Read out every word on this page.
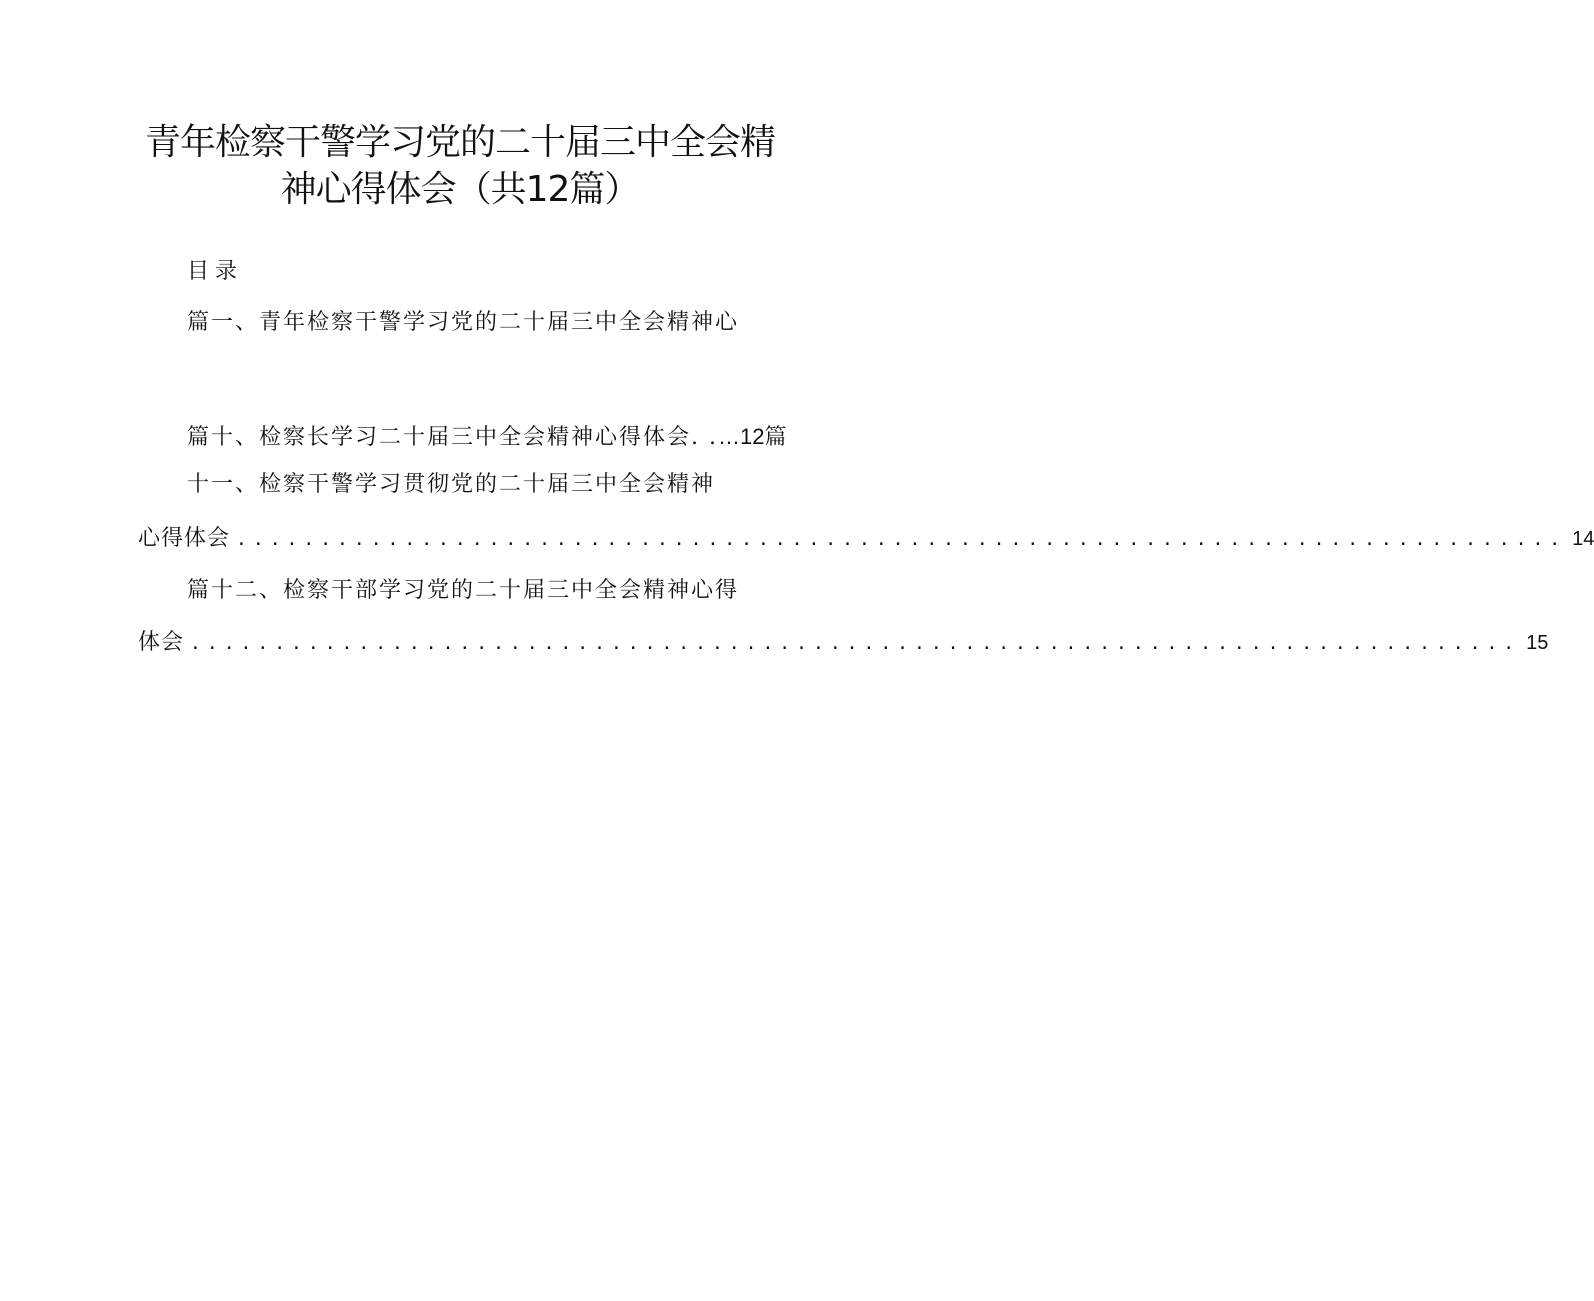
青年检察干警学习党的二十届三中全会精
神心得体会（共12篇）
目录
篇一、青年检察干警学习党的二十届三中全会精神心
篇十、检察长学习二十届三中全会精神心得体会. .…12篇
十一、检察干警学习贯彻党的二十届三中全会精神
心得体会 ............................................................................... 14
篇十二、检察干部学习党的二十届三中全会精神心得
体会 ............................................................................... 15
